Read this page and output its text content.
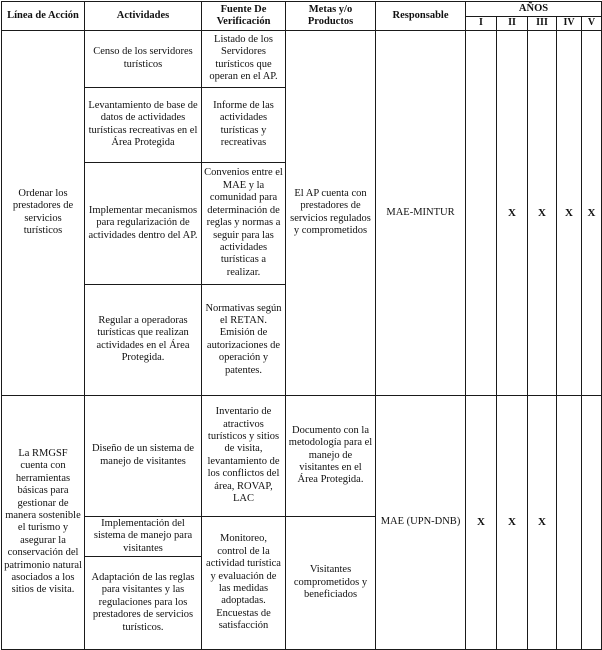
Línea de Acción	Actividades	Fuente De Verificación	Metas y/o Productos	Responsable	AÑOS				
					I	II	III	IV	V
Ordenar los prestadores de servicios turísticos	Censo de los servidores turísticos	Listado de los Servidores turísticos que operan en el AP.	El AP cuenta con prestadores de servicios regulados y comprometidos	MAE-MINTUR		X	X	X	X
	Levantamiento de base de datos de actividades turísticas recreativas en el Área Protegida	Informe de las actividades turísticas y recreativas							
	Implementar mecanismos para regularización de actividades dentro del AP.	Convenios entre el MAE y la comunidad para determinación de reglas y normas a seguir para las actividades turísticas a realizar.							
	Regular a operadoras turísticas que realizan actividades en el Área Protegida.	Normativas según el RETAN. Emisión de autorizaciones de operación y patentes.							
La RMGSF cuenta con herramientas básicas para gestionar de manera sostenible el turismo y asegurar la conservación del patrimonio natural asociados a los sitios de visita.	Diseño de un sistema de manejo de visitantes	Inventario de atractivos turísticos y sitios de visita, levantamiento de los conflictos del área, ROVAP, LAC	Documento con la metodología para el manejo de visitantes en el Área Protegida.	MAE (UPN-DNB)	X	X	X		
	Implementación del sistema de manejo para visitantes	Monitoreo, control de la actividad turística y evaluación de las medidas adoptadas. Encuestas de satisfacción	Visitantes comprometidos y beneficiados						
	Adaptación de las reglas para visitantes y las regulaciones para los prestadores de servicios turísticos.								
